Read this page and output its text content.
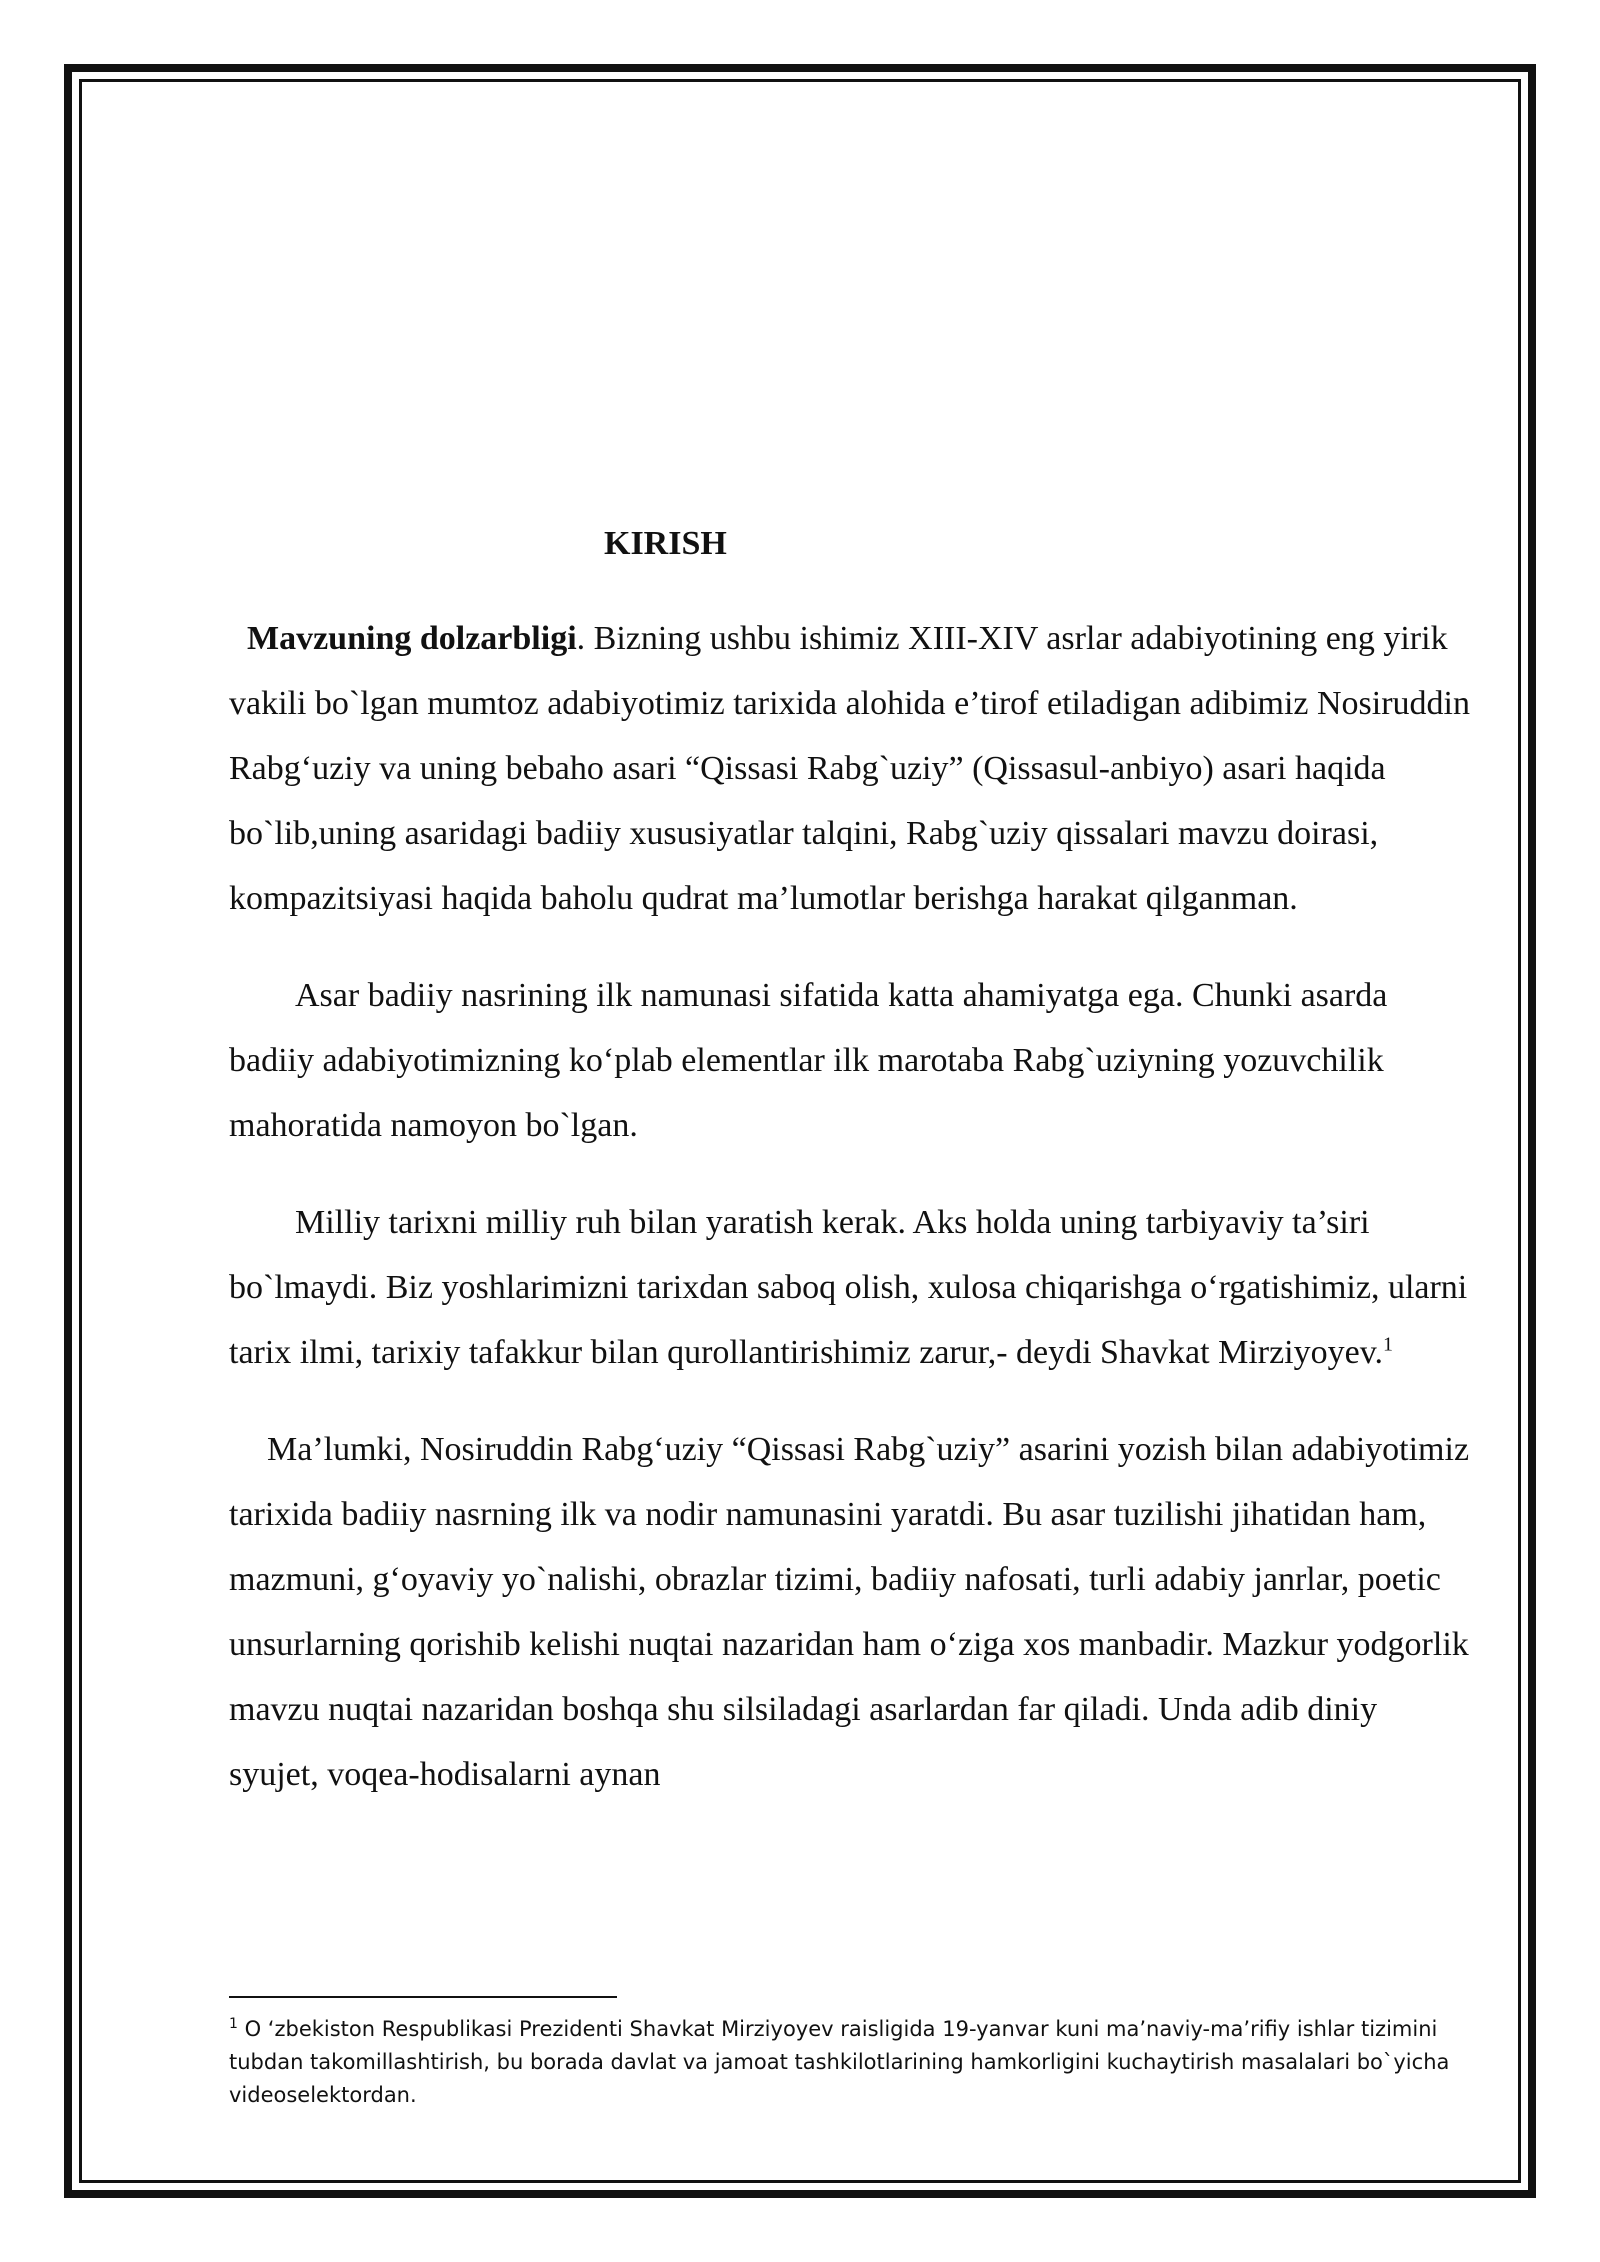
KIRISH

Mavzuning dolzarbligi. Bizning ushbu ishimiz XIII-XIV asrlar adabiyotining eng yirik vakili bo`lgan mumtoz adabiyotimiz tarixida alohida e’tirof etiladigan adibimiz Nosiruddin Rabg‘uziy va uning bebaho asari “Qissasi Rabg`uziy” (Qissasul-anbiyo) asari haqida bo`lib,uning asaridagi badiiy xususiyatlar talqini, Rabg`uziy qissalari mavzu doirasi, kompazitsiyasi haqida baholu qudrat ma’lumotlar berishga harakat qilganman.

Asar badiiy nasrining ilk namunasi sifatida katta ahamiyatga ega. Chunki asarda badiiy adabiyotimizning ko‘plab elementlar ilk marotaba Rabg`uziyning yozuvchilik mahoratida namoyon bo`lgan.

Milliy tarixni milliy ruh bilan yaratish kerak. Aks holda uning tarbiyaviy ta’siri bo`lmaydi. Biz yoshlarimizni tarixdan saboq olish, xulosa chiqarishga o‘rgatishimiz, ularni tarix ilmi, tarixiy tafakkur bilan qurollantirishimiz zarur,- deydi Shavkat Mirziyoyev.$^1$

Ma’lumki, Nosiruddin Rabg‘uziy “Qissasi Rabg`uziy” asarini yozish bilan adabiyotimiz tarixida badiiy nasrning ilk va nodir namunasini yaratdi. Bu asar tuzilishi jihatidan ham, mazmuni, g‘oyaviy yo`nalishi, obrazlar tizimi, badiiy nafosati, turli adabiy janrlar, poetic unsurlarning qorishib kelishi nuqtai nazaridan ham o‘ziga xos manbadir. Mazkur yodgorlik mavzu nuqtai nazaridan boshqa shu silsiladagi asarlardan far qiladi. Unda adib diniy syujet, voqea-hodisalarni aynan

$^1$ O ‘zbekiston Respublikasi Prezidenti Shavkat Mirziyoyev raisligida 19-yanvar kuni ma’naviy-ma’rifiy ishlar tizimini tubdan takomillashtirish, bu borada davlat va jamoat tashkilotlarining hamkorligini kuchaytirish masalalari bo`yicha videoselektordan.
